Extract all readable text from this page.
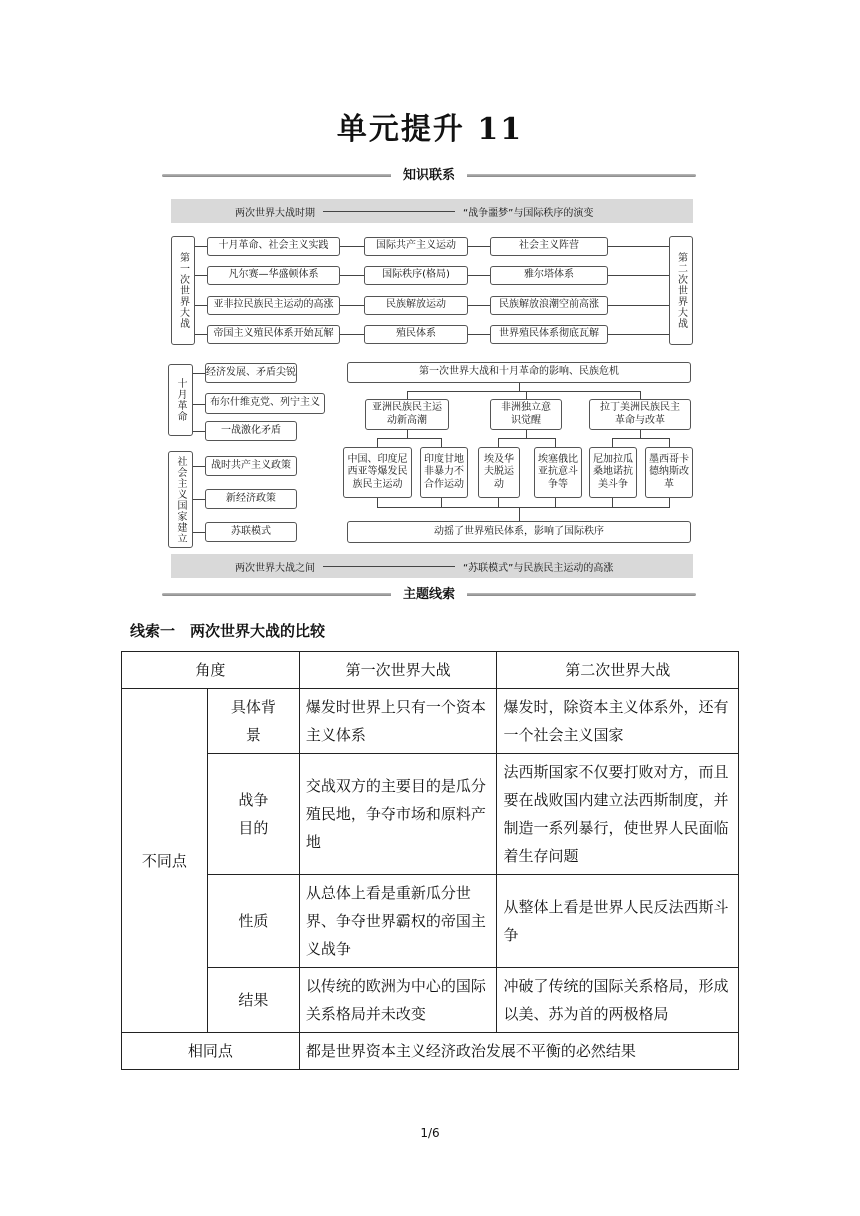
单元提升 11
知识联系
两次世界大战时期	“战争噩梦”与国际秩序的演变
第一次世界大战	第二次世界大战
十月革命、社会主义实践
凡尔赛—华盛顿体系
亚非拉民族民主运动的高涨
帝国主义殖民体系开始瓦解
国际共产主义运动
国际秩序(格局)
民族解放运动
殖民体系
社会主义阵营
雅尔塔体系
民族解放浪潮空前高涨
世界殖民体系彻底瓦解
十月革命
社会主义国家建立
经济发展、矛盾尖锐
布尔什维克党、列宁主义
一战激化矛盾
战时共产主义政策
新经济政策
苏联模式
第一次世界大战和十月革命的影响、民族危机
亚洲民族民主运动新高潮
非洲独立意识觉醒
拉丁美洲民族民主革命与改革
中国、印度尼西亚等爆发民族民主运动
印度甘地非暴力不合作运动
埃及华夫脱运动
埃塞俄比亚抗意斗争等
尼加拉瓜桑地诺抗美斗争
墨西哥卡德纳斯改革
动摇了世界殖民体系，影响了国际秩序
两次世界大战之间	“苏联模式”与民族民主运动的高涨
主题线索
线索一　两次世界大战的比较
角度		第一次世界大战	第二次世界大战
不同点	具体背景	爆发时世界上只有一个资本主义体系	爆发时，除资本主义体系外，还有一个社会主义国家
	战争目的	交战双方的主要目的是瓜分殖民地，争夺市场和原料产地	法西斯国家不仅要打败对方，而且要在战败国内建立法西斯制度，并制造一系列暴行，使世界人民面临着生存问题
	性质	从总体上看是重新瓜分世界、争夺世界霸权的帝国主义战争	从整体上看是世界人民反法西斯斗争
	结果	以传统的欧洲为中心的国际关系格局并未改变	冲破了传统的国际关系格局，形成以美、苏为首的两极格局
相同点		都是世界资本主义经济政治发展不平衡的必然结果	
1/6
